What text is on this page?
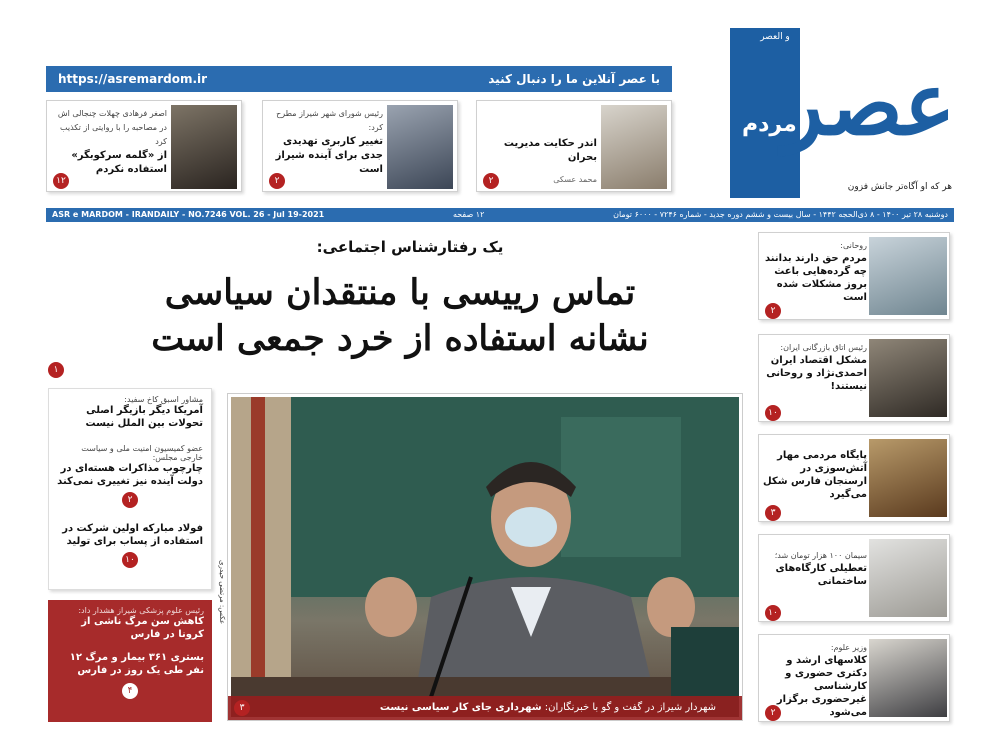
و العصر
عصر
مردم
هر که او آگاه‌تر جانش فزون
با عصر آنلاین ما را دنبال کنید
https://asremardom.ir
اندر حکایت مدیریت بحران
محمد عسکی
۲
رئیس شورای شهر شیراز مطرح کرد:
تغییر کاربری تهدیدی جدی برای آینده شیراز است
۲
اصغر فرهادی چهلات چنجالی اش در مصاحبه را با روایتی از تکذیب کرد
از «گلمه سرکوبگر» استفاده نکردم
۱۲
دوشنبه ۲۸ تیر ۱۴۰۰ - ۸ ذی‌الحجه ۱۴۴۲ - سال بیست و ششم دوره جدید - شماره ۷۲۴۶ - ۶۰۰۰ تومان
۱۲ صفحه
ASR e MARDOM - IRANDAILY - NO.7246 VOL. 26 - Jul 19-2021
یک رفتارشناس اجتماعی:
تماس رییسی با منتقدان سیاسی
نشانه استفاده از خرد جمعی است
۱
مشاور اسبق کاخ سفید:
آمریکا دیگر بازیگر اصلی تحولات بین الملل نیست
عضو کمیسیون امنیت ملی و سیاست خارجی مجلس:
چارچوب مذاکرات هسته‌ای در دولت آینده نیز تغییری نمی‌کند
۲
فولاد مبارکه اولین شرکت در استفاده از پساب برای تولید
۱۰
رئیس علوم پزشکی شیراز هشدار داد:
کاهش سن مرگ ناشی از کرونا در فارس
بستری ۳۶۱ بیمار و مرگ ۱۲ نفر طی یک روز در فارس
۴
شهردار شیراز در گفت و گو با خبرنگاران: شهرداری جای کار سیاسی نیست
۳
عکس: مرتضی حیدری
روحانی:
مردم حق دارند بدانند چه گرده‌هایی باعث بروز مشکلات شده است
۲
رئیس اتاق بازرگانی ایران:
مشکل اقتصاد ایران احمدی‌نژاد و روحانی نیستند!
۱۰
پایگاه مردمی مهار آتش‌سوزی در ارسنجان فارس شکل می‌گیرد
۳
سیمان ۱۰۰ هزار تومان شد؛
تعطیلی کارگاه‌های ساختمانی
۱۰
وزیر علوم:
کلاسهای ارشد و دکتری حضوری و کارشناسی غیرحضوری برگزار می‌شود
۲
